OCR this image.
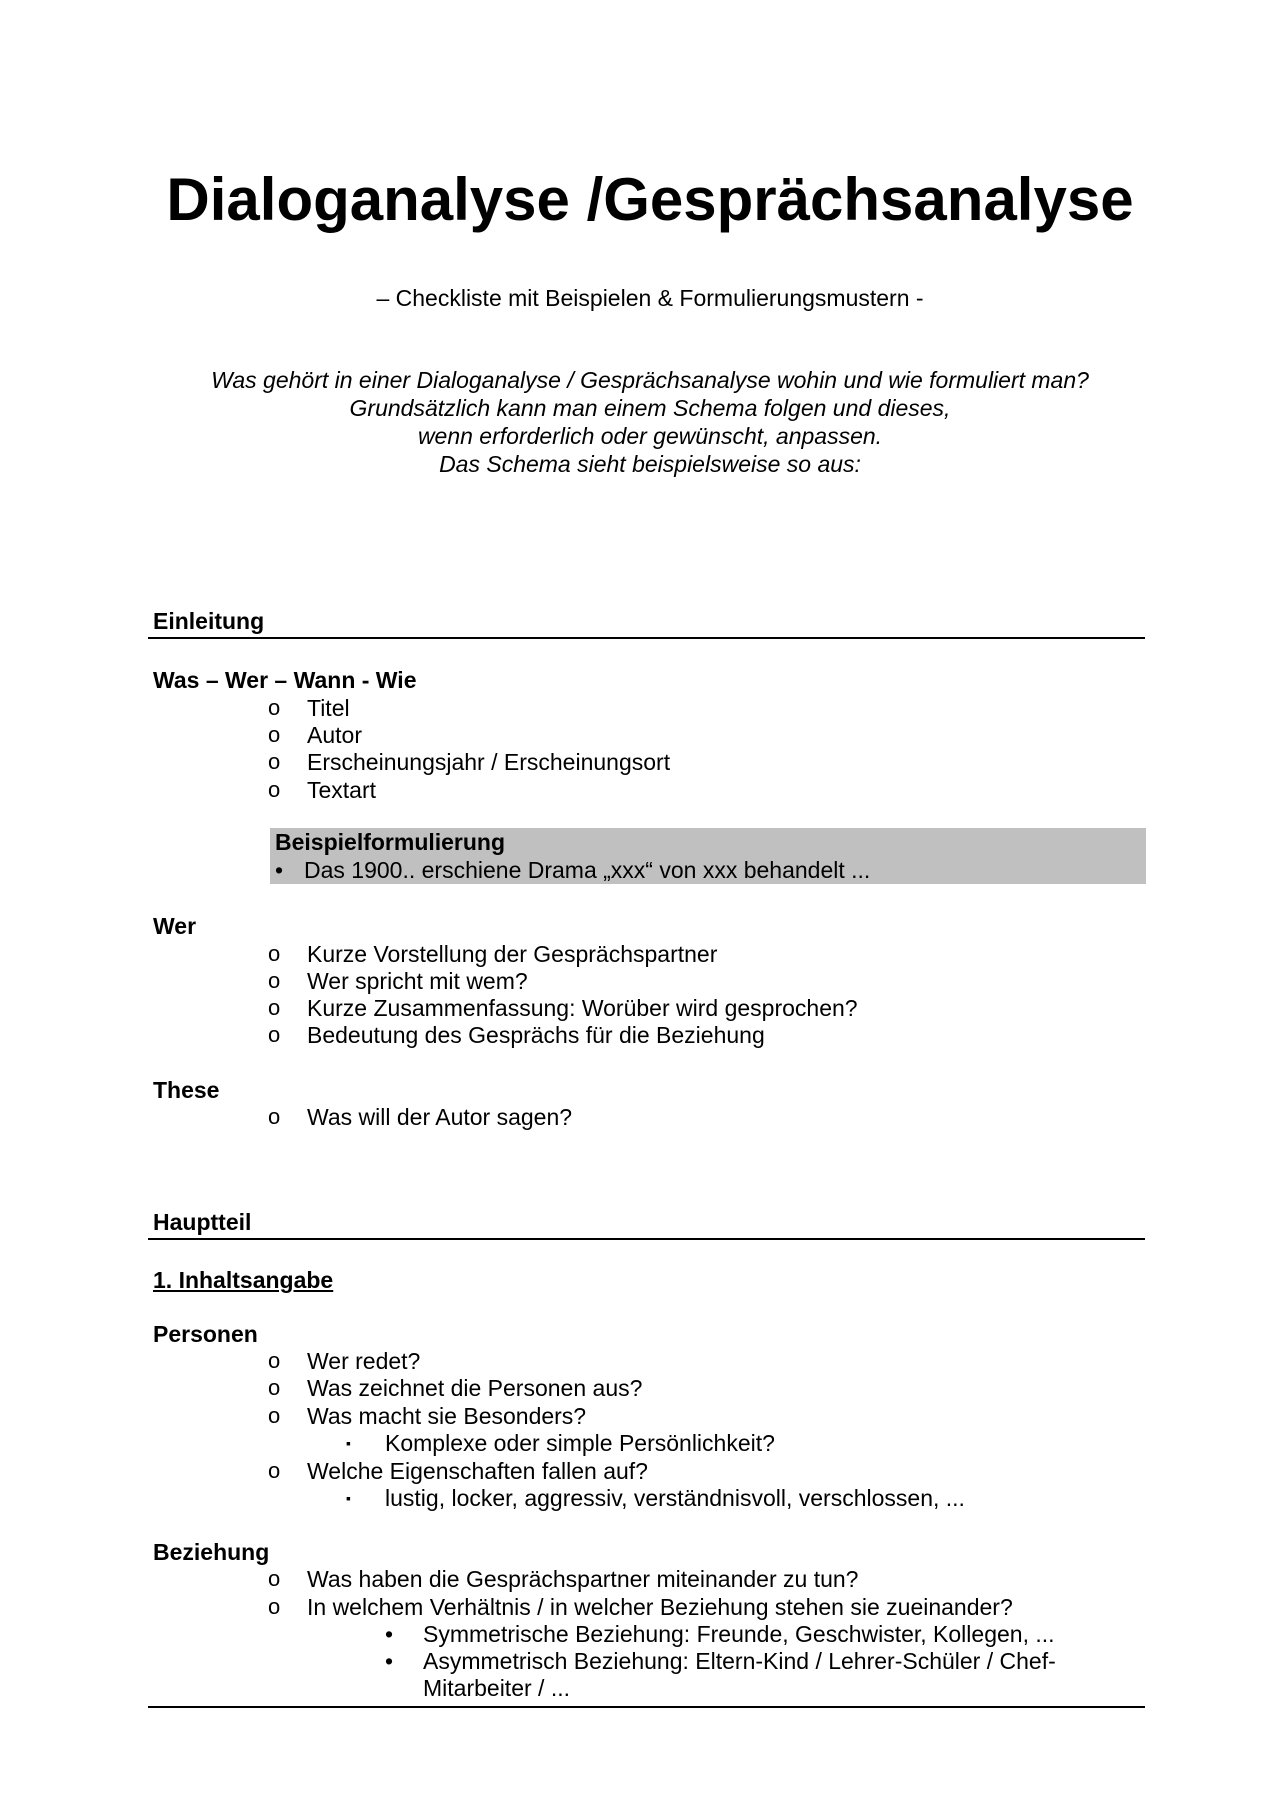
Dialoganalyse /Gesprächsanalyse

– Checkliste mit Beispielen & Formulierungsmustern -

Was gehört in einer Dialoganalyse / Gesprächsanalyse wohin und wie formuliert man?
Grundsätzlich kann man einem Schema folgen und dieses,
wenn erforderlich oder gewünscht, anpassen.
Das Schema sieht beispielsweise so aus:
Einleitung
Was – Wer – Wann - Wie
o Titel
o Autor
o Erscheinungsjahr / Erscheinungsort
o Textart
Beispielformulierung
• Das 1900.. erschiene Drama „xxx“ von xxx behandelt ...
Wer
o Kurze Vorstellung der Gesprächspartner
o Wer spricht mit wem?
o Kurze Zusammenfassung: Worüber wird gesprochen?
o Bedeutung des Gesprächs für die Beziehung
These
o Was will der Autor sagen?
Hauptteil
1. Inhaltsangabe
Personen
o Wer redet?
o Was zeichnet die Personen aus?
o Was macht sie Besonders?
▪ Komplexe oder simple Persönlichkeit?
o Welche Eigenschaften fallen auf?
▪ lustig, locker, aggressiv, verständnisvoll, verschlossen, ...
Beziehung
o Was haben die Gesprächspartner miteinander zu tun?
o In welchem Verhältnis / in welcher Beziehung stehen sie zueinander?
• Symmetrische Beziehung: Freunde, Geschwister, Kollegen, ...
• Asymmetrisch Beziehung: Eltern-Kind / Lehrer-Schüler / Chef-
Mitarbeiter / ...
